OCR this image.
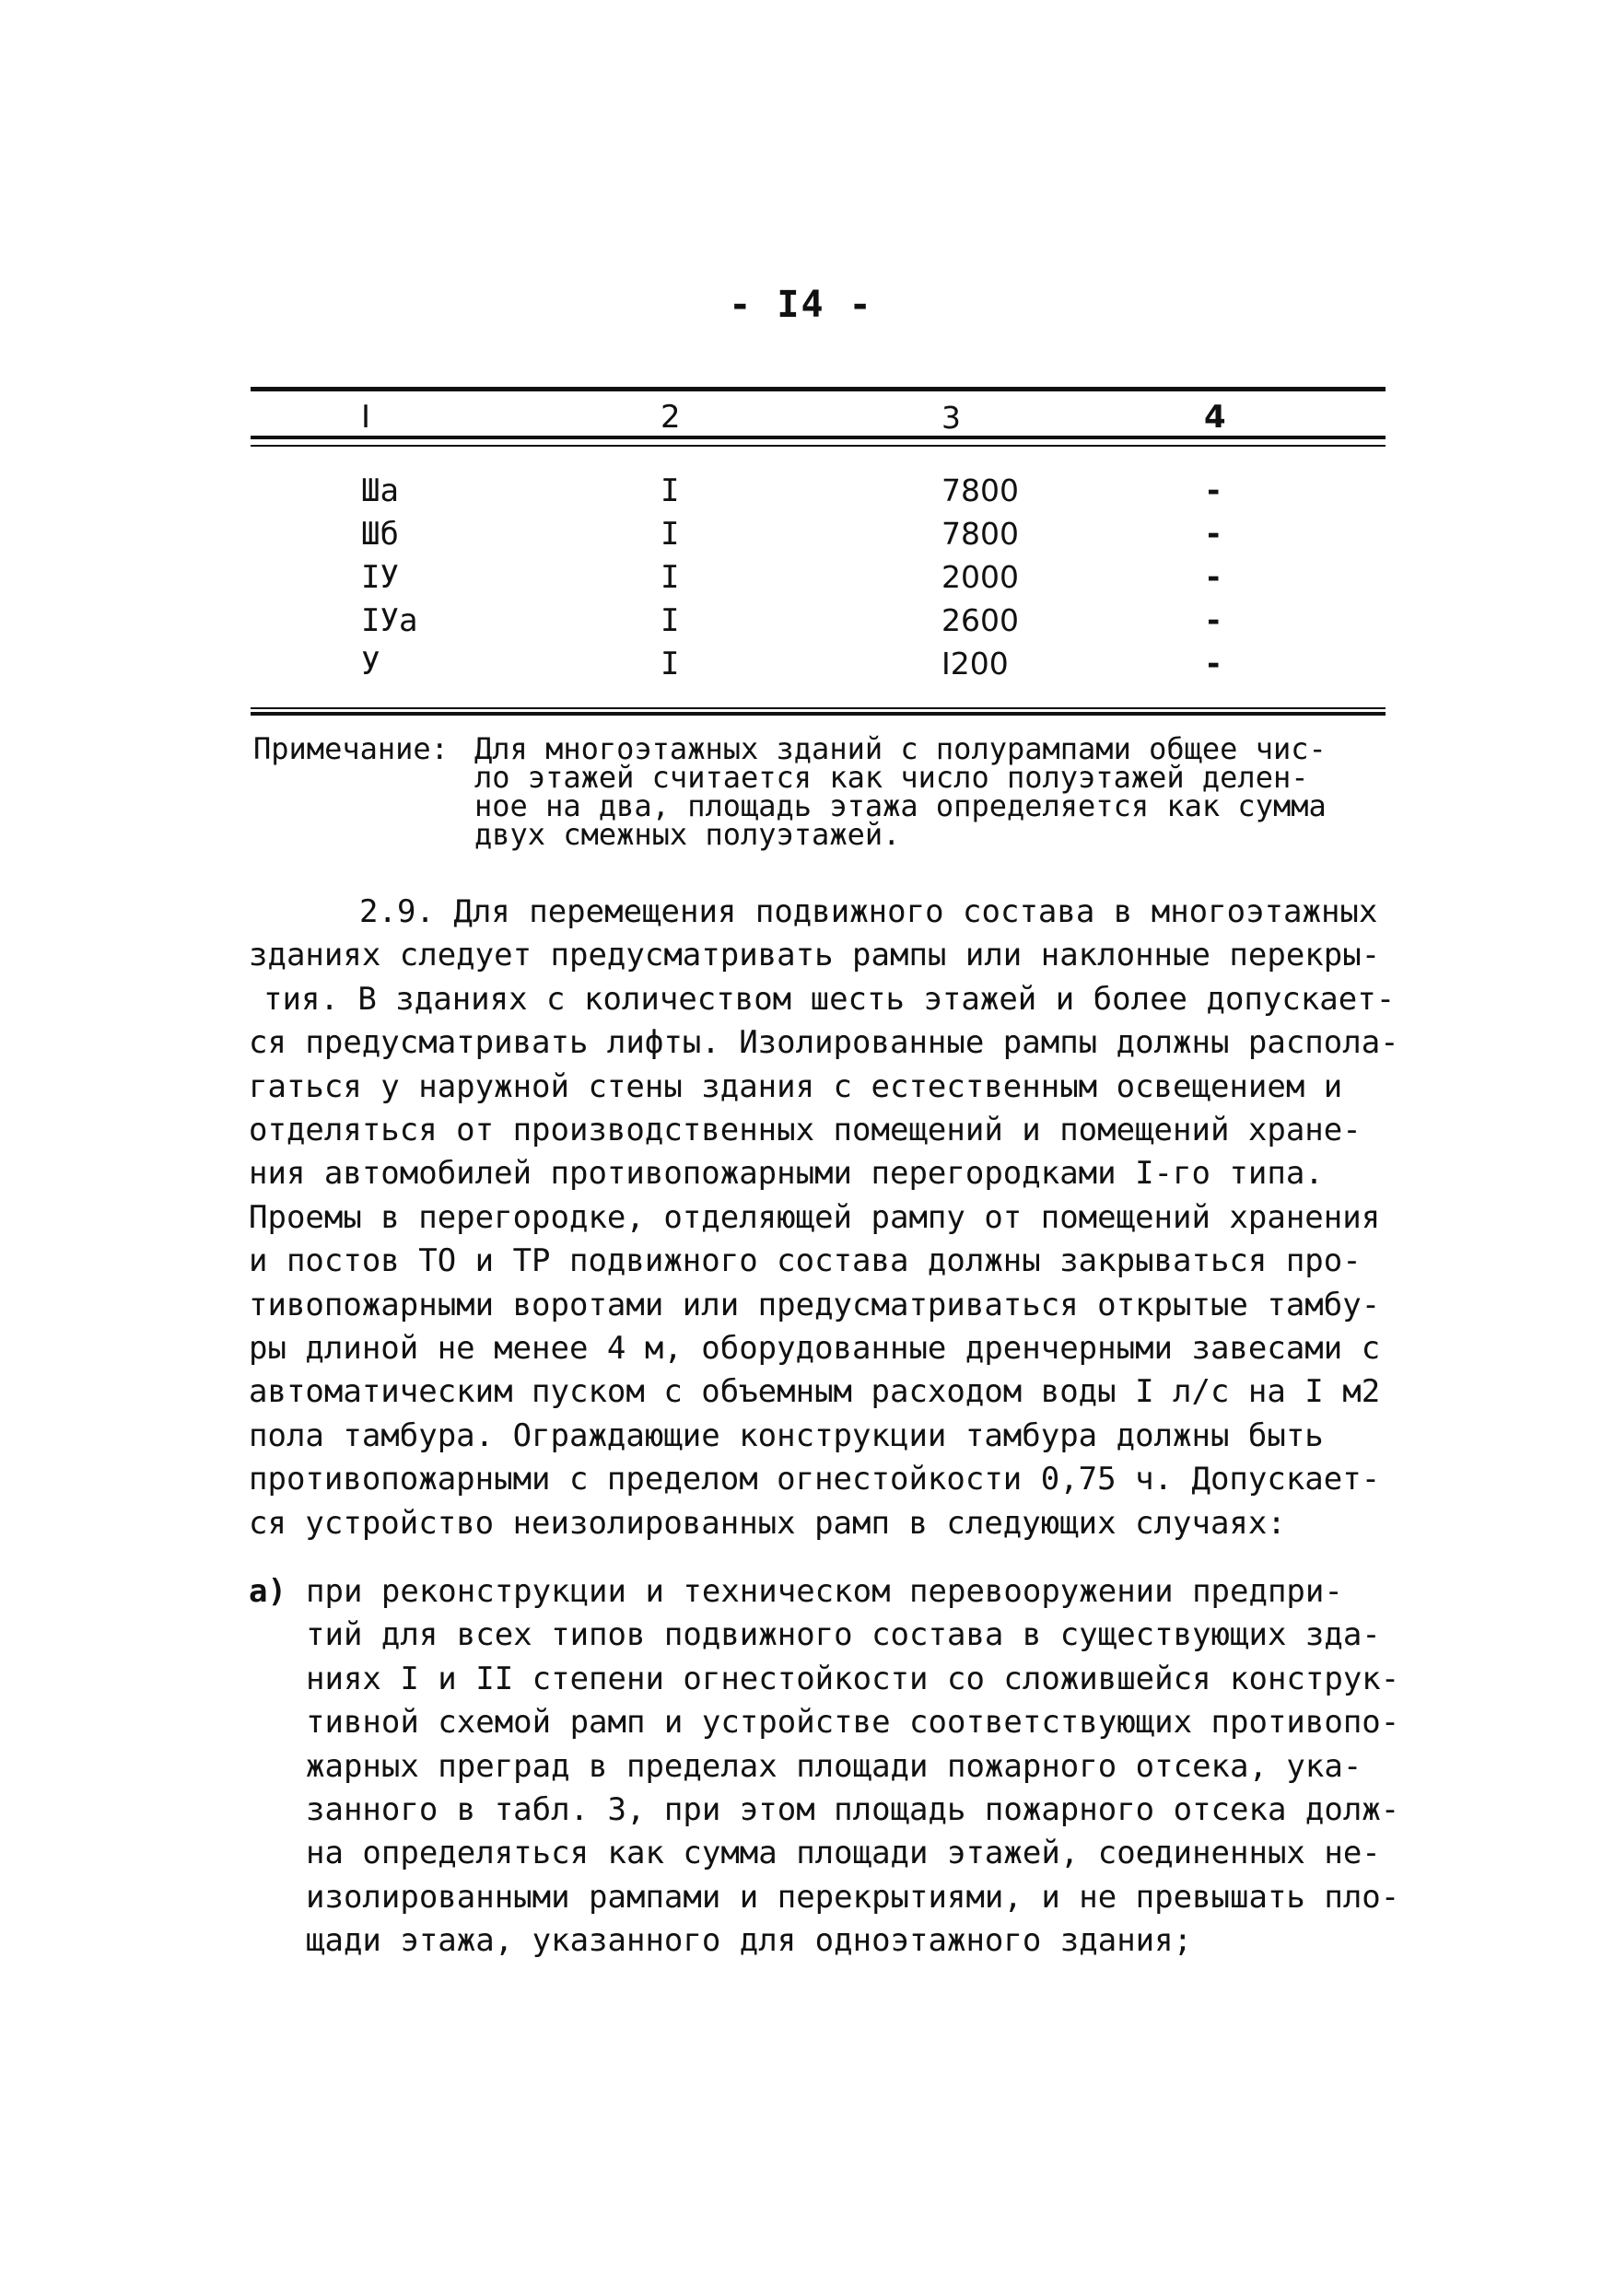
- I4 -
I	2	3	4
Ша	I	7800	-
Шб	I	7800	-
IУ	I	2000	-
IУа	I	2600	-
У	I	I200	-
Примечание: Для многоэтажных зданий с полурампами общее чис-
ло этажей считается как число полуэтажей делен-
ное на два, площадь этажа определяется как сумма
двух смежных полуэтажей.
2.9. Для перемещения подвижного состава в многоэтажных
зданиях следует предусматривать рампы или наклонные перекры-
тия. В зданиях с количеством шесть этажей и более допускает-
ся предусматривать лифты. Изолированные рампы должны распола-
гаться у наружной стены здания с естественным освещением и
отделяться от производственных помещений и помещений хране-
ния автомобилей противопожарными перегородками I-го типа.
Проемы в перегородке, отделяющей рампу от помещений хранения
и постов ТО и ТР подвижного состава должны закрываться про-
тивопожарными воротами или предусматриваться открытые тамбу-
ры длиной не менее 4 м, оборудованные дренчерными завесами с
автоматическим пуском с объемным расходом воды I л/с на I м2
пола тамбура. Ограждающие конструкции тамбура должны быть
противопожарными с пределом огнестойкости 0,75 ч. Допускает-
ся устройство неизолированных рамп в следующих случаях:
а) при реконструкции и техническом перевооружении предпри-
тий для всех типов подвижного состава в существующих зда-
ниях I и II степени огнестойкости со сложившейся конструк-
тивной схемой рамп и устройстве соответствующих противопо-
жарных преград в пределах площади пожарного отсека, ука-
занного в табл. 3, при этом площадь пожарного отсека долж-
на определяться как сумма площади этажей, соединенных не-
изолированными рампами и перекрытиями, и не превышать пло-
щади этажа, указанного для одноэтажного здания;
